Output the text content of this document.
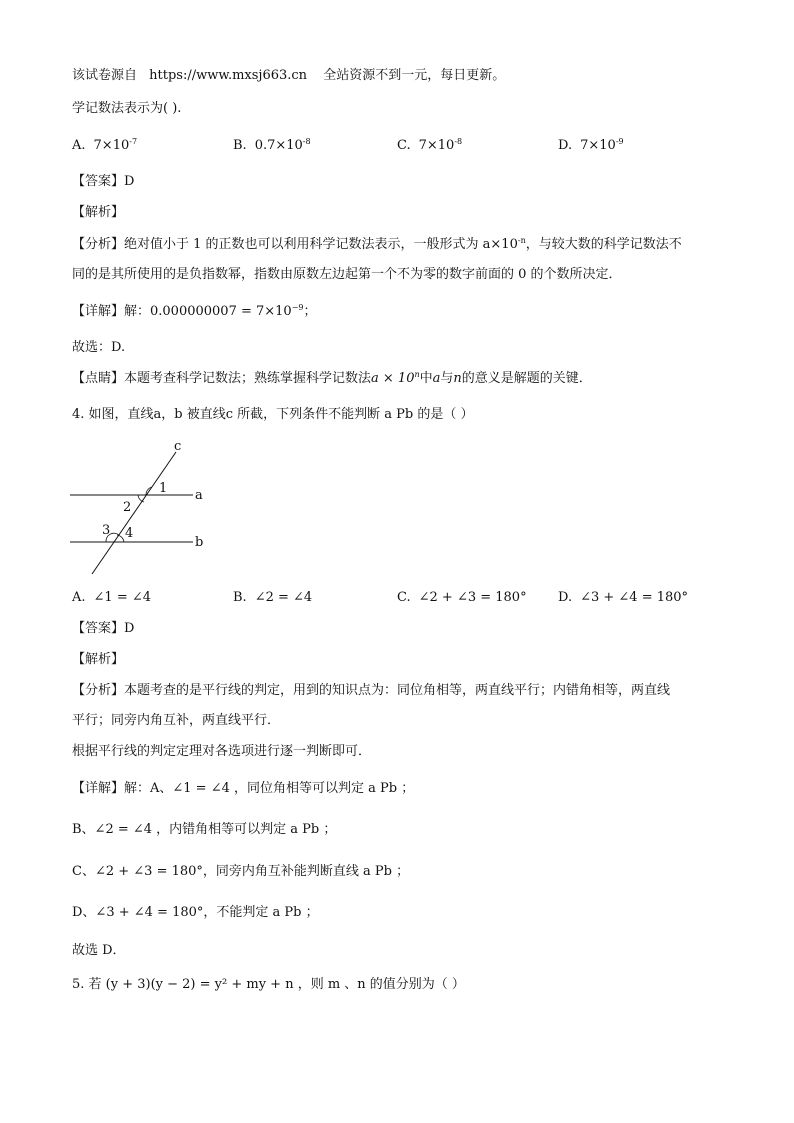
该试卷源自 https://www.mxsj663.cn 全站资源不到一元，每日更新。
学记数法表示为( ).
A. $7\times 10^{-7}$	B. $0.7\times 10^{-8}$	C. $7\times 10^{-8}$	D. $7\times 10^{-9}$
【答案】D
【解析】
【分析】绝对值小于 1 的正数也可以利用科学记数法表示，一般形式为 $a\times 10^{-n}$，与较大数的科学记数法不
同的是其所使用的是负指数幂，指数由原数左边起第一个不为零的数字前面的 0 的个数所决定．
【详解】解：$0.000000007 = 7\times 10^{-9}$；
故选：D.
【点睛】本题考查科学记数法；熟练掌握科学记数法$a \times 10^n$中a与n的意义是解题的关键．
4. 如图，直线a，b 被直线c 所截，下列条件不能判断 a Pb 的是（ ）
c
a
b
1
2
3 4
A. ∠1 = ∠4	B. ∠2 = ∠4	C. ∠2 + ∠3 = 180° D. ∠3 + ∠4 = 180°
【答案】D
【解析】
【分析】本题考查的是平行线的判定，用到的知识点为：同位角相等，两直线平行；内错角相等，两直线
平行；同旁内角互补，两直线平行．
根据平行线的判定定理对各选项进行逐一判断即可．
【详解】解：A、∠1 = ∠4 ，同位角相等可以判定 a Pb ；
B、∠2 = ∠4 ，内错角相等可以判定 a Pb ；
C、∠2 + ∠3 = 180°，同旁内角互补能判断直线 a Pb ；
D、∠3 + ∠4 = 180°，不能判定 a Pb ；
故选 D．
5. 若 (y + 3)(y − 2) = y² + my + n ，则 m 、n 的值分别为（ ）
